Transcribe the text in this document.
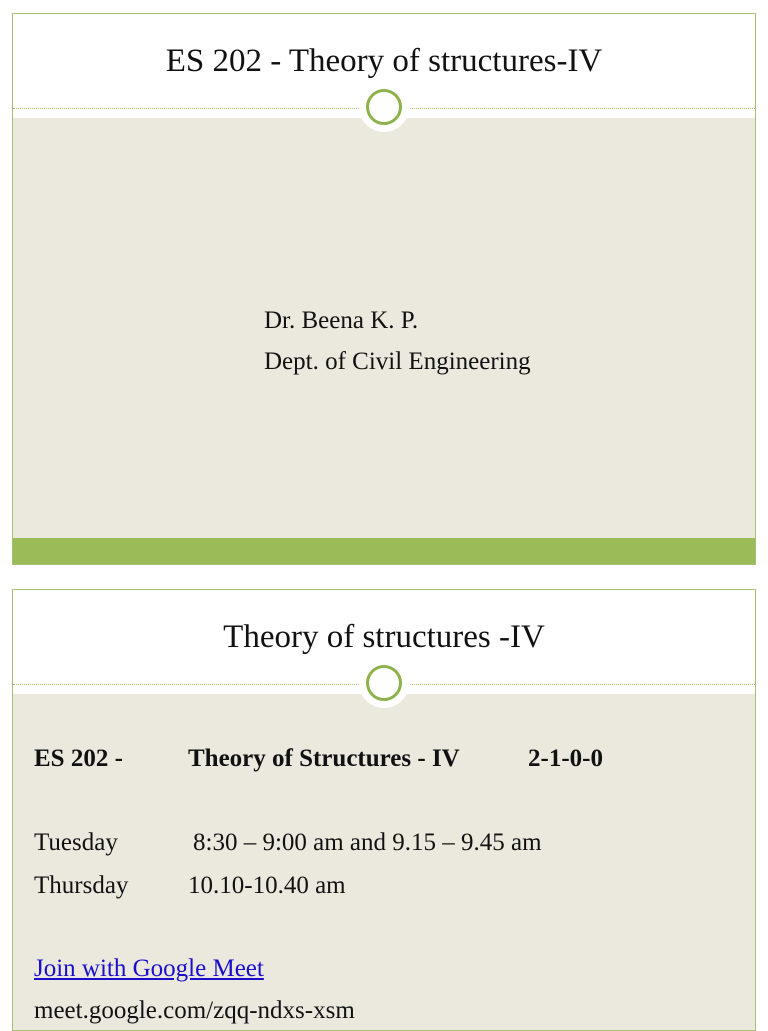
ES 202 - Theory of structures-IV
Dr. Beena K. P.
Dept. of Civil Engineering
Theory of structures -IV
ES 202 -	Theory of Structures - IV	2-1-0-0
Tuesday	8:30 – 9:00 am and 9.15 – 9.45 am
Thursday 10.10-10.40 am
Join with Google Meet
meet.google.com/zqq-ndxs-xsm
